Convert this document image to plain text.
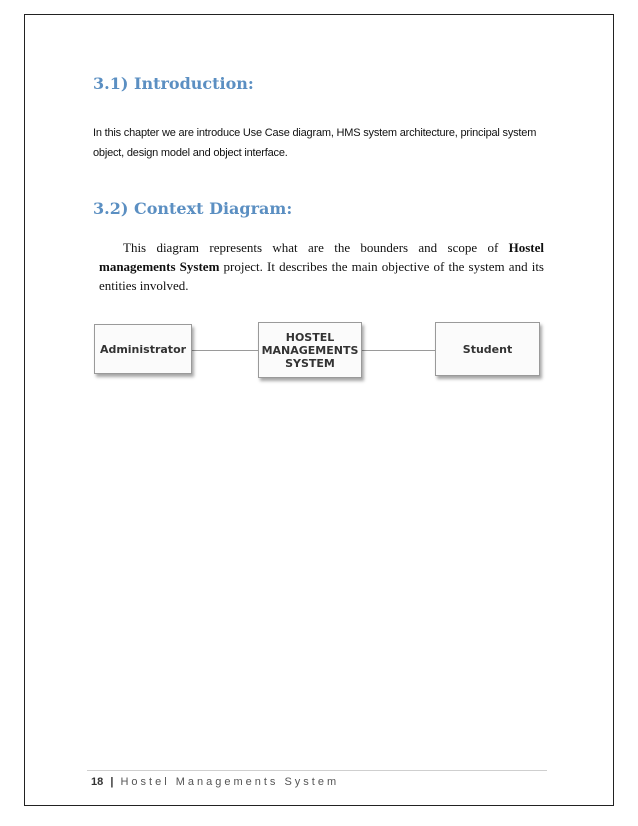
3.1) Introduction:

In this chapter we are introduce Use Case diagram, HMS system architecture, principal system object, design model and object interface.

3.2) Context Diagram:

This diagram represents what are the bounders and scope of Hostel managements System project. It describes the main objective of the system and its entities involved.

Administrator
HOSTEL
MANAGEMENTS
SYSTEM
Student
18 | Hostel Managements System
